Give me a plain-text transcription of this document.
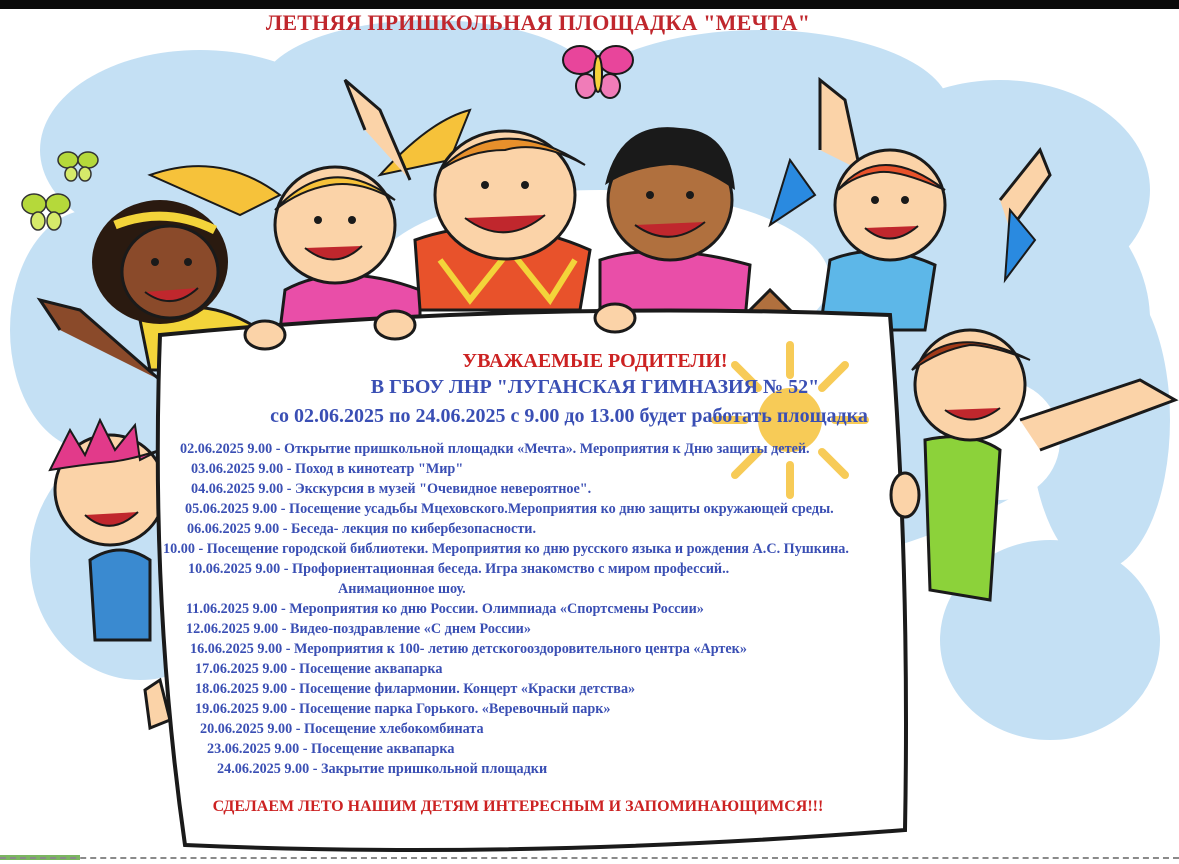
ЛЕТНЯЯ ПРИШКОЛЬНАЯ ПЛОЩАДКА "МЕЧТА"
УВАЖАЕМЫЕ РОДИТЕЛИ!
В ГБОУ ЛНР "ЛУГАНСКАЯ ГИМНАЗИЯ № 52"
со 02.06.2025 по 24.06.2025 с 9.00 до 13.00 будет работать площадка

02.06.2025 9.00 - Открытие пришкольной площадки «Мечта». Мероприятия к Дню защиты детей.

03.06.2025 9.00 - Поход в кинотеатр "Мир"

04.06.2025 9.00 - Экскурсия в музей "Очевидное невероятное".

05.06.2025 9.00 - Посещение усадьбы Мцеховского.Мероприятия ко дню защиты окружающей среды.

06.06.2025 9.00 - Беседа- лекция по кибербезопасности.

10.00 - Посещение городской библиотеки. Мероприятия ко дню русского языка и рождения А.С. Пушкина.

10.06.2025 9.00 - Профориентационная беседа. Игра знакомство с миром профессий..

Анимационное шоу.

11.06.2025 9.00 - Мероприятия ко дню России. Олимпиада «Спортсмены России»

12.06.2025 9.00 - Видео-поздравление «С днем России»

16.06.2025 9.00 - Мероприятия к 100- летию детскогооздоровительного центра «Артек»

17.06.2025 9.00 - Посещение аквапарка

18.06.2025 9.00 - Посещение филармонии. Концерт «Краски детства»

19.06.2025 9.00 - Посещение парка Горького. «Веревочный парк»

20.06.2025 9.00 - Посещение хлебокомбината

23.06.2025 9.00 - Посещение аквапарка

24.06.2025 9.00 - Закрытие пришкольной площадки

СДЕЛАЕМ ЛЕТО НАШИМ ДЕТЯМ ИНТЕРЕСНЫМ И ЗАПОМИНАЮЩИМСЯ!!!
